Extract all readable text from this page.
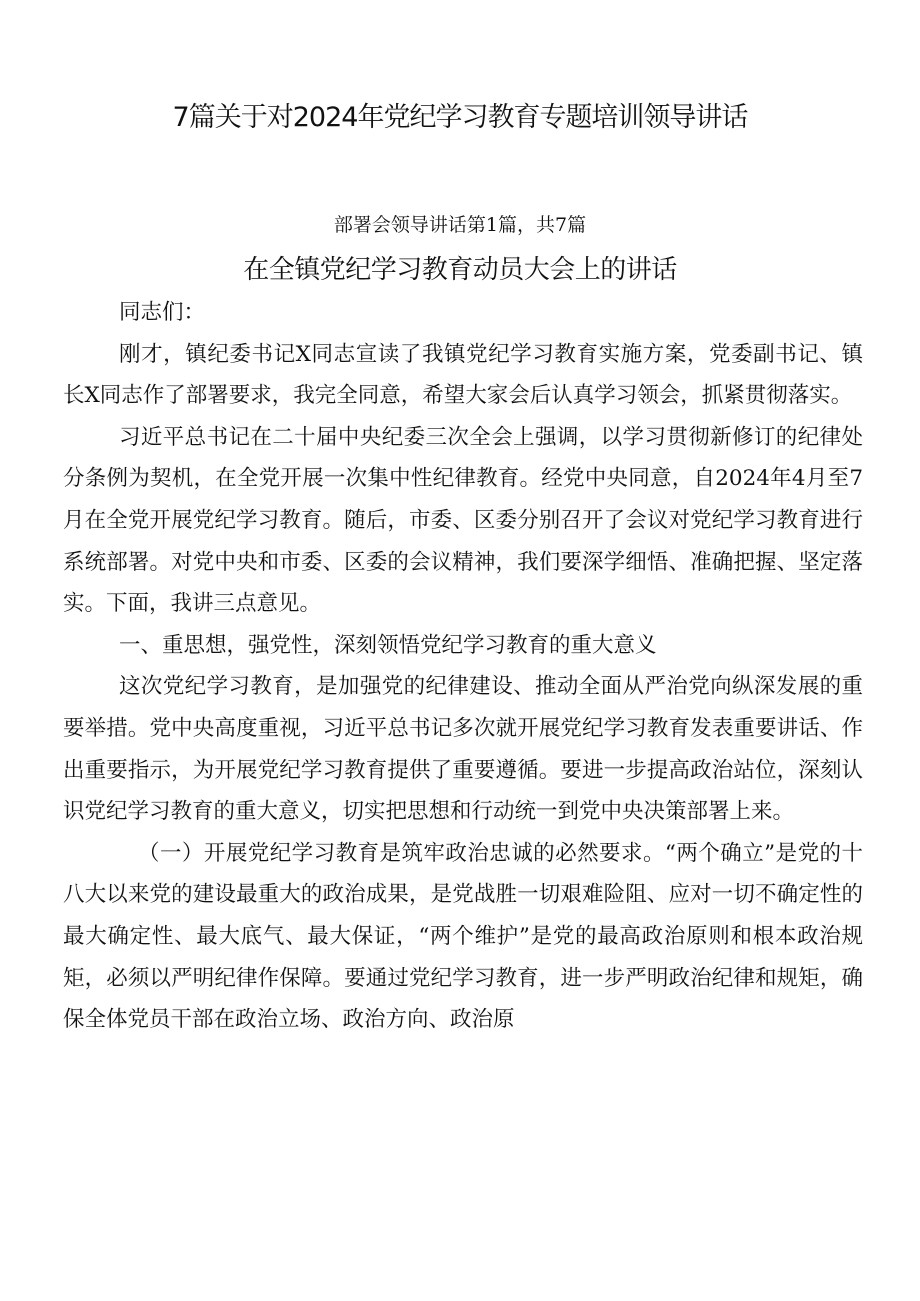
7篇关于对2024年党纪学习教育专题培训领导讲话
部署会领导讲话第1篇，共7篇
在全镇党纪学习教育动员大会上的讲话

同志们：

刚才，镇纪委书记X同志宣读了我镇党纪学习教育实施方案，党委副书记、镇长X同志作了部署要求，我完全同意，希望大家会后认真学习领会，抓紧贯彻落实。

习近平总书记在二十届中央纪委三次全会上强调，以学习贯彻新修订的纪律处分条例为契机，在全党开展一次集中性纪律教育。经党中央同意，自2024年4月至7月在全党开展党纪学习教育。随后，市委、区委分别召开了会议对党纪学习教育进行系统部署。对党中央和市委、区委的会议精神，我们要深学细悟、准确把握、坚定落实。下面，我讲三点意见。

一、重思想，强党性，深刻领悟党纪学习教育的重大意义

这次党纪学习教育，是加强党的纪律建设、推动全面从严治党向纵深发展的重要举措。党中央高度重视，习近平总书记多次就开展党纪学习教育发表重要讲话、作出重要指示，为开展党纪学习教育提供了重要遵循。要进一步提高政治站位，深刻认识党纪学习教育的重大意义，切实把思想和行动统一到党中央决策部署上来。

（一）开展党纪学习教育是筑牢政治忠诚的必然要求。“两个确立”是党的十八大以来党的建设最重大的政治成果，是党战胜一切艰难险阻、应对一切不确定性的最大确定性、最大底气、最大保证，“两个维护”是党的最高政治原则和根本政治规矩，必须以严明纪律作保障。要通过党纪学习教育，进一步严明政治纪律和规矩，确保全体党员干部在政治立场、政治方向、政治原
